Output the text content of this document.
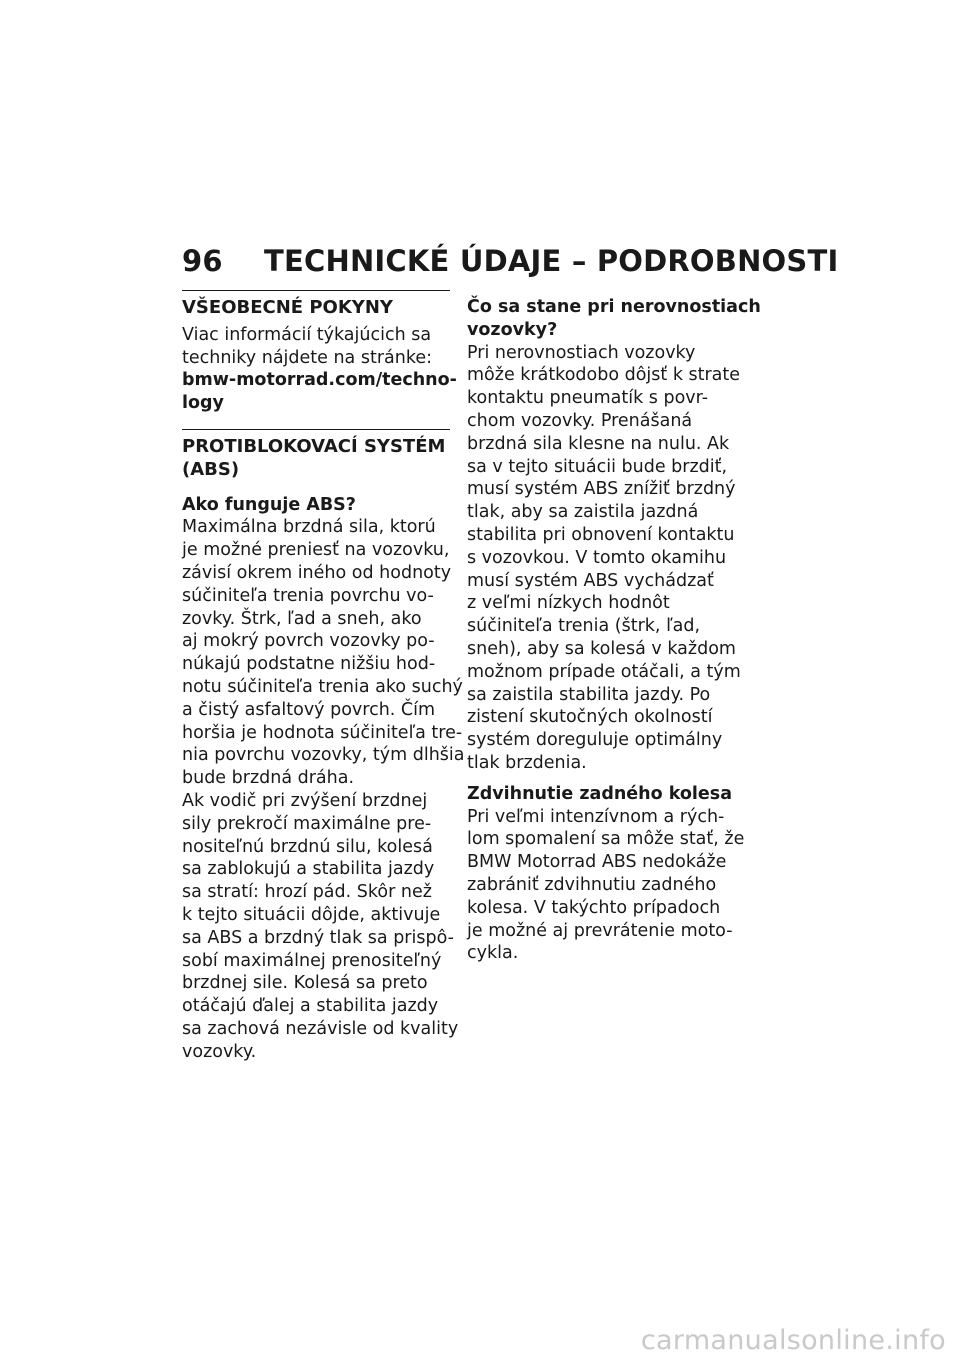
96 TECHNICKÉ ÚDAJE – PODROBNOSTI
VŠEOBECNÉ POKYNY

Viac informácií týkajúcich sa
techniky nájdete na stránke:
bmw-motorrad.com/techno-
logy

PROTIBLOKOVACÍ SYSTÉM
(ABS)
Ako funguje ABS?

Maximálna brzdná sila, ktorú
je možné preniesť na vozovku,
závisí okrem iného od hodnoty
súčiniteľa trenia povrchu vo-
zovky. Štrk, ľad a sneh, ako
aj mokrý povrch vozovky po-
núkajú podstatne nižšiu hod-
notu súčiniteľa trenia ako suchý
a čistý asfaltový povrch. Čím
horšia je hodnota súčiniteľa tre-
nia povrchu vozovky, tým dlhšia
bude brzdná dráha.

Ak vodič pri zvýšení brzdnej
sily prekročí maximálne pre-
nositeľnú brzdnú silu, kolesá
sa zablokujú a stabilita jazdy
sa stratí: hrozí pád. Skôr než
k tejto situácii dôjde, aktivuje
sa ABS a brzdný tlak sa prispô-
sobí maximálnej prenositeľný
brzdnej sile. Kolesá sa preto
otáčajú ďalej a stabilita jazdy
sa zachová nezávisle od kvality
vozovky.

Čo sa stane pri nerovnostiach
vozovky?

Pri nerovnostiach vozovky
môže krátkodobo dôjsť k strate
kontaktu pneumatík s povr-
chom vozovky. Prenášaná
brzdná sila klesne na nulu. Ak
sa v tejto situácii bude brzdiť,
musí systém ABS znížiť brzdný
tlak, aby sa zaistila jazdná
stabilita pri obnovení kontaktu
s vozovkou. V tomto okamihu
musí systém ABS vychádzať
z veľmi nízkych hodnôt
súčiniteľa trenia (štrk, ľad,
sneh), aby sa kolesá v každom
možnom prípade otáčali, a tým
sa zaistila stabilita jazdy. Po
zistení skutočných okolností
systém doreguluje optimálny
tlak brzdenia.

Zdvihnutie zadného kolesa

Pri veľmi intenzívnom a rých-
lom spomalení sa môže stať, že
BMW Motorrad ABS nedokáže
zabrániť zdvihnutiu zadného
kolesa. V takýchto prípadoch
je možné aj prevrátenie moto-
cykla.

carmanualsonline.info
